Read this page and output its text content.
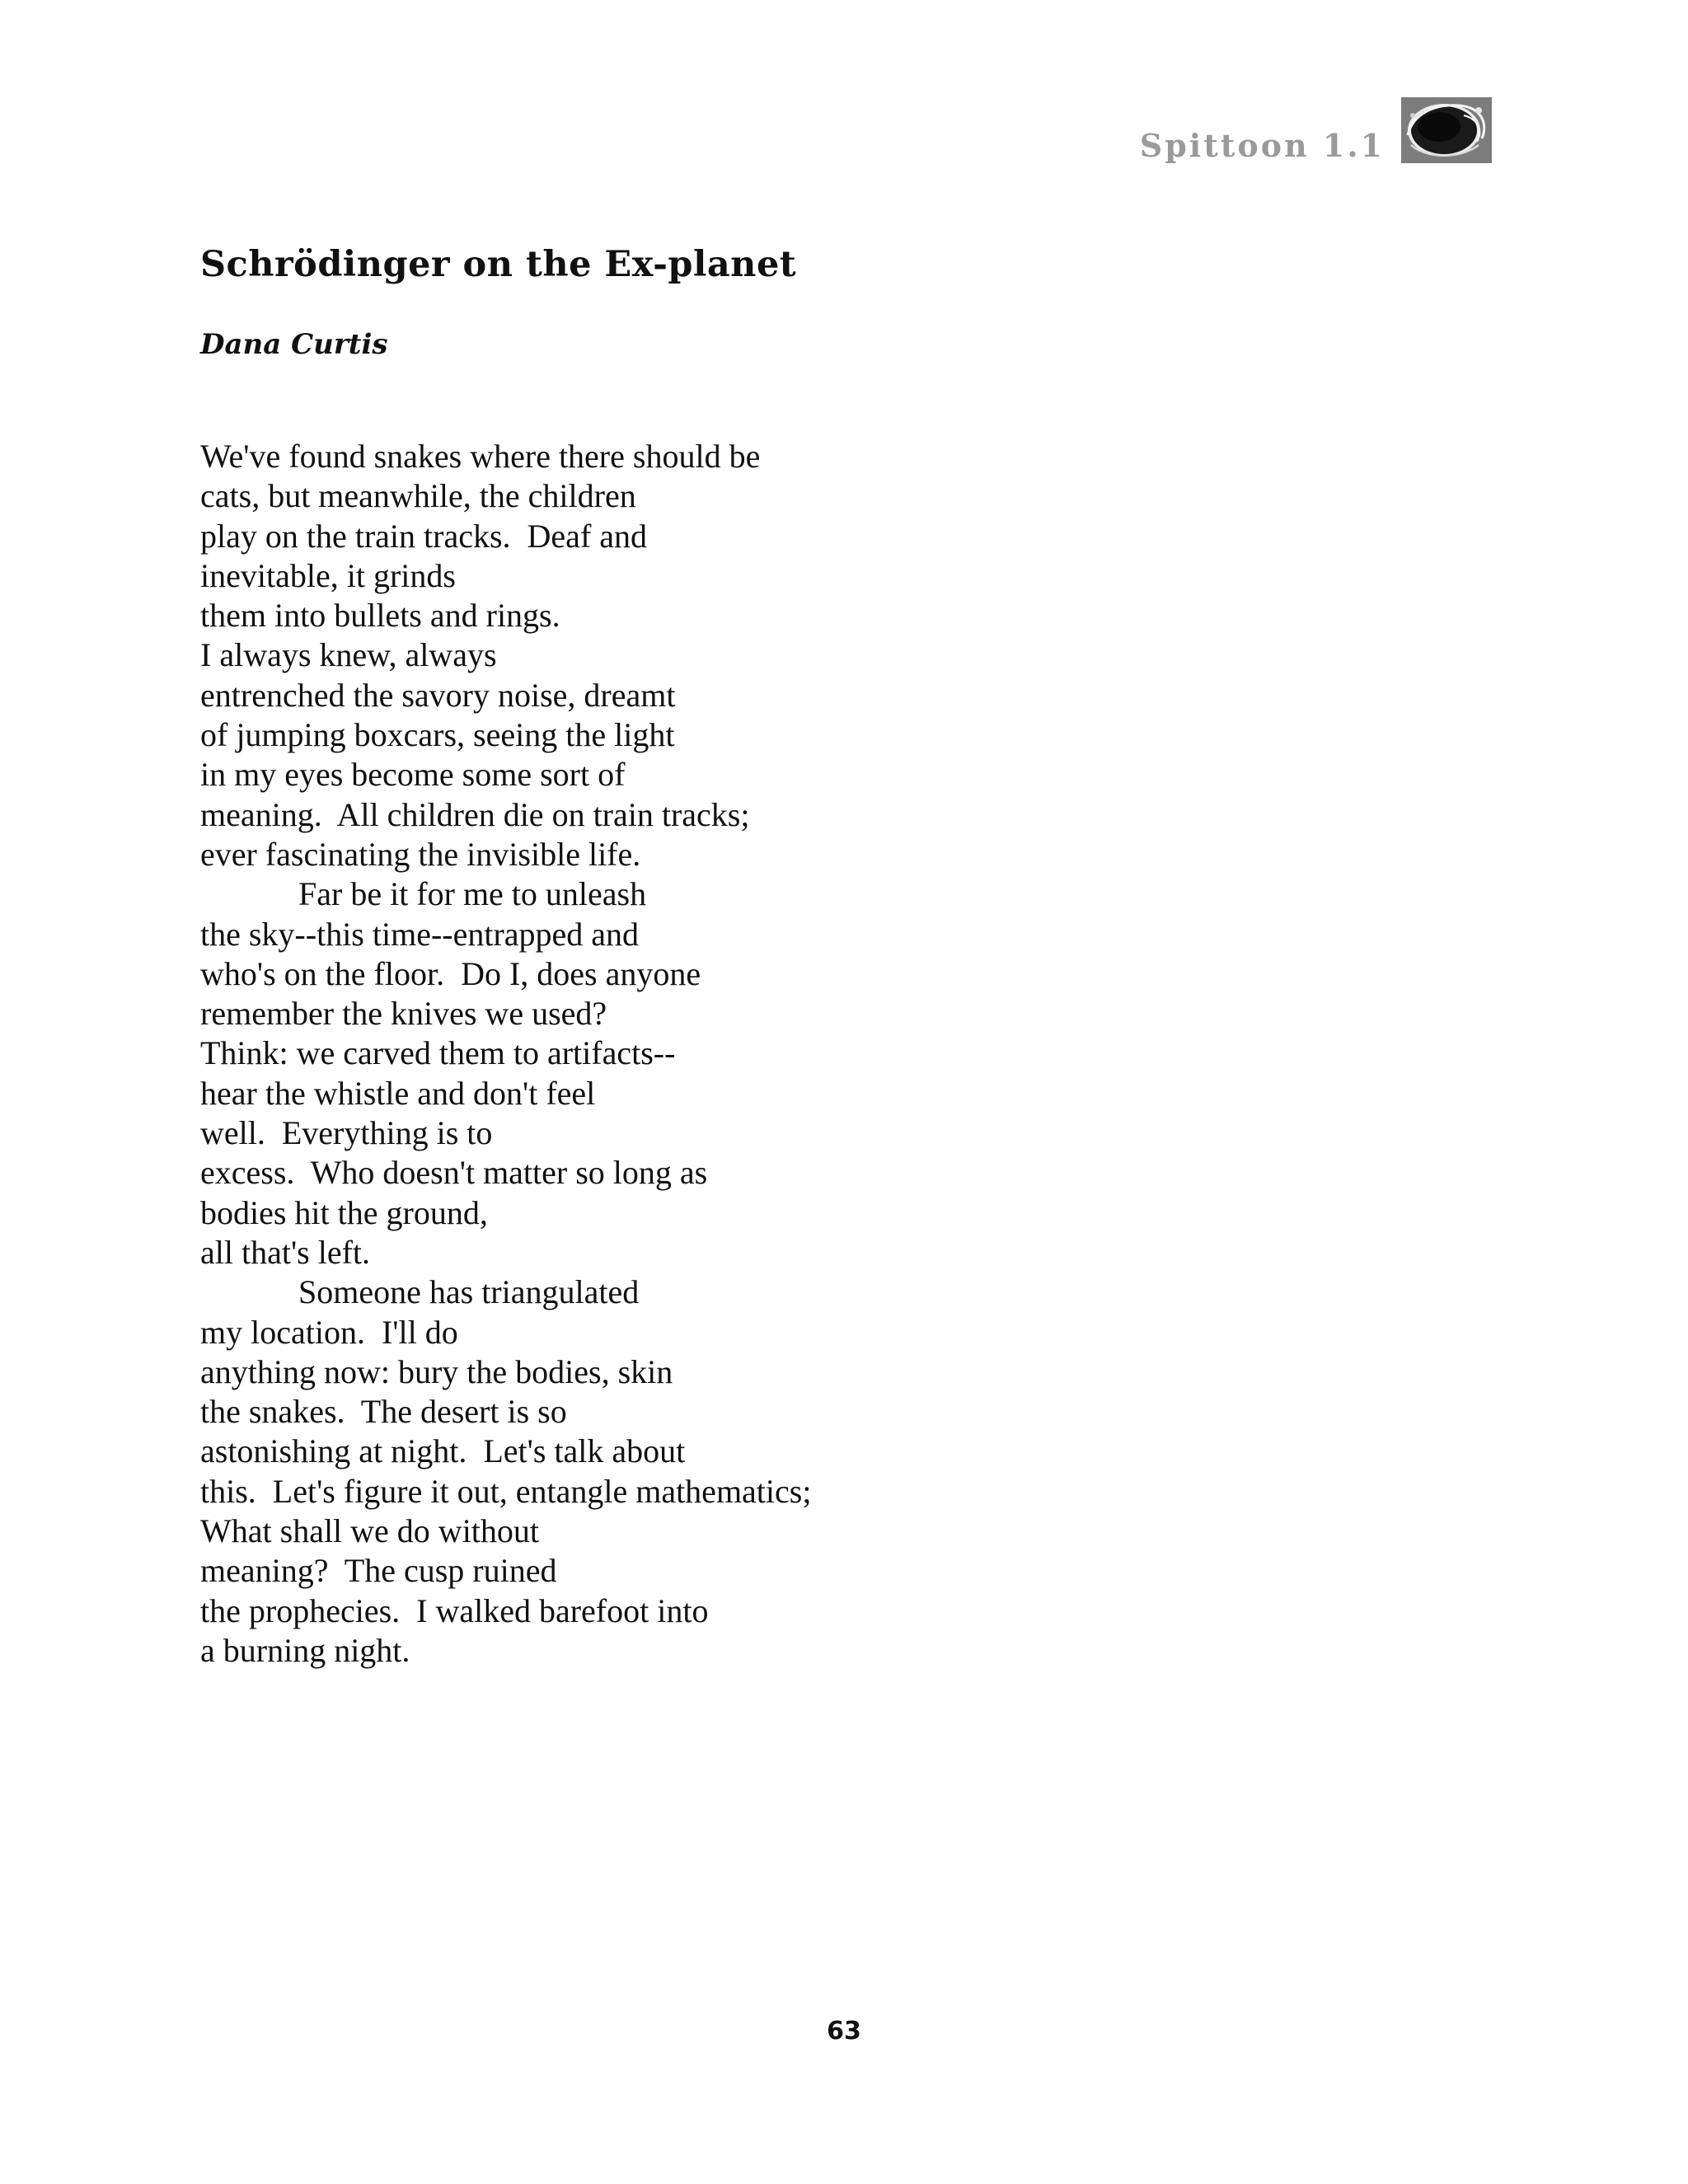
Spittoon 1.1
Schrödinger on the Ex-planet
Dana Curtis
We've found snakes where there should be
cats, but meanwhile, the children
play on the train tracks.  Deaf and
inevitable, it grinds
them into bullets and rings.
I always knew, always
entrenched the savory noise, dreamt
of jumping boxcars, seeing the light
in my eyes become some sort of
meaning.  All children die on train tracks;
ever fascinating the invisible life.
Far be it for me to unleash
the sky--this time--entrapped and
who's on the floor.  Do I, does anyone
remember the knives we used?
Think: we carved them to artifacts--
hear the whistle and don't feel
well.  Everything is to
excess.  Who doesn't matter so long as
bodies hit the ground,
all that's left.
Someone has triangulated
my location.  I'll do
anything now: bury the bodies, skin
the snakes.  The desert is so
astonishing at night.  Let's talk about
this.  Let's figure it out, entangle mathematics;
What shall we do without
meaning?  The cusp ruined
the prophecies.  I walked barefoot into
a burning night.
63
